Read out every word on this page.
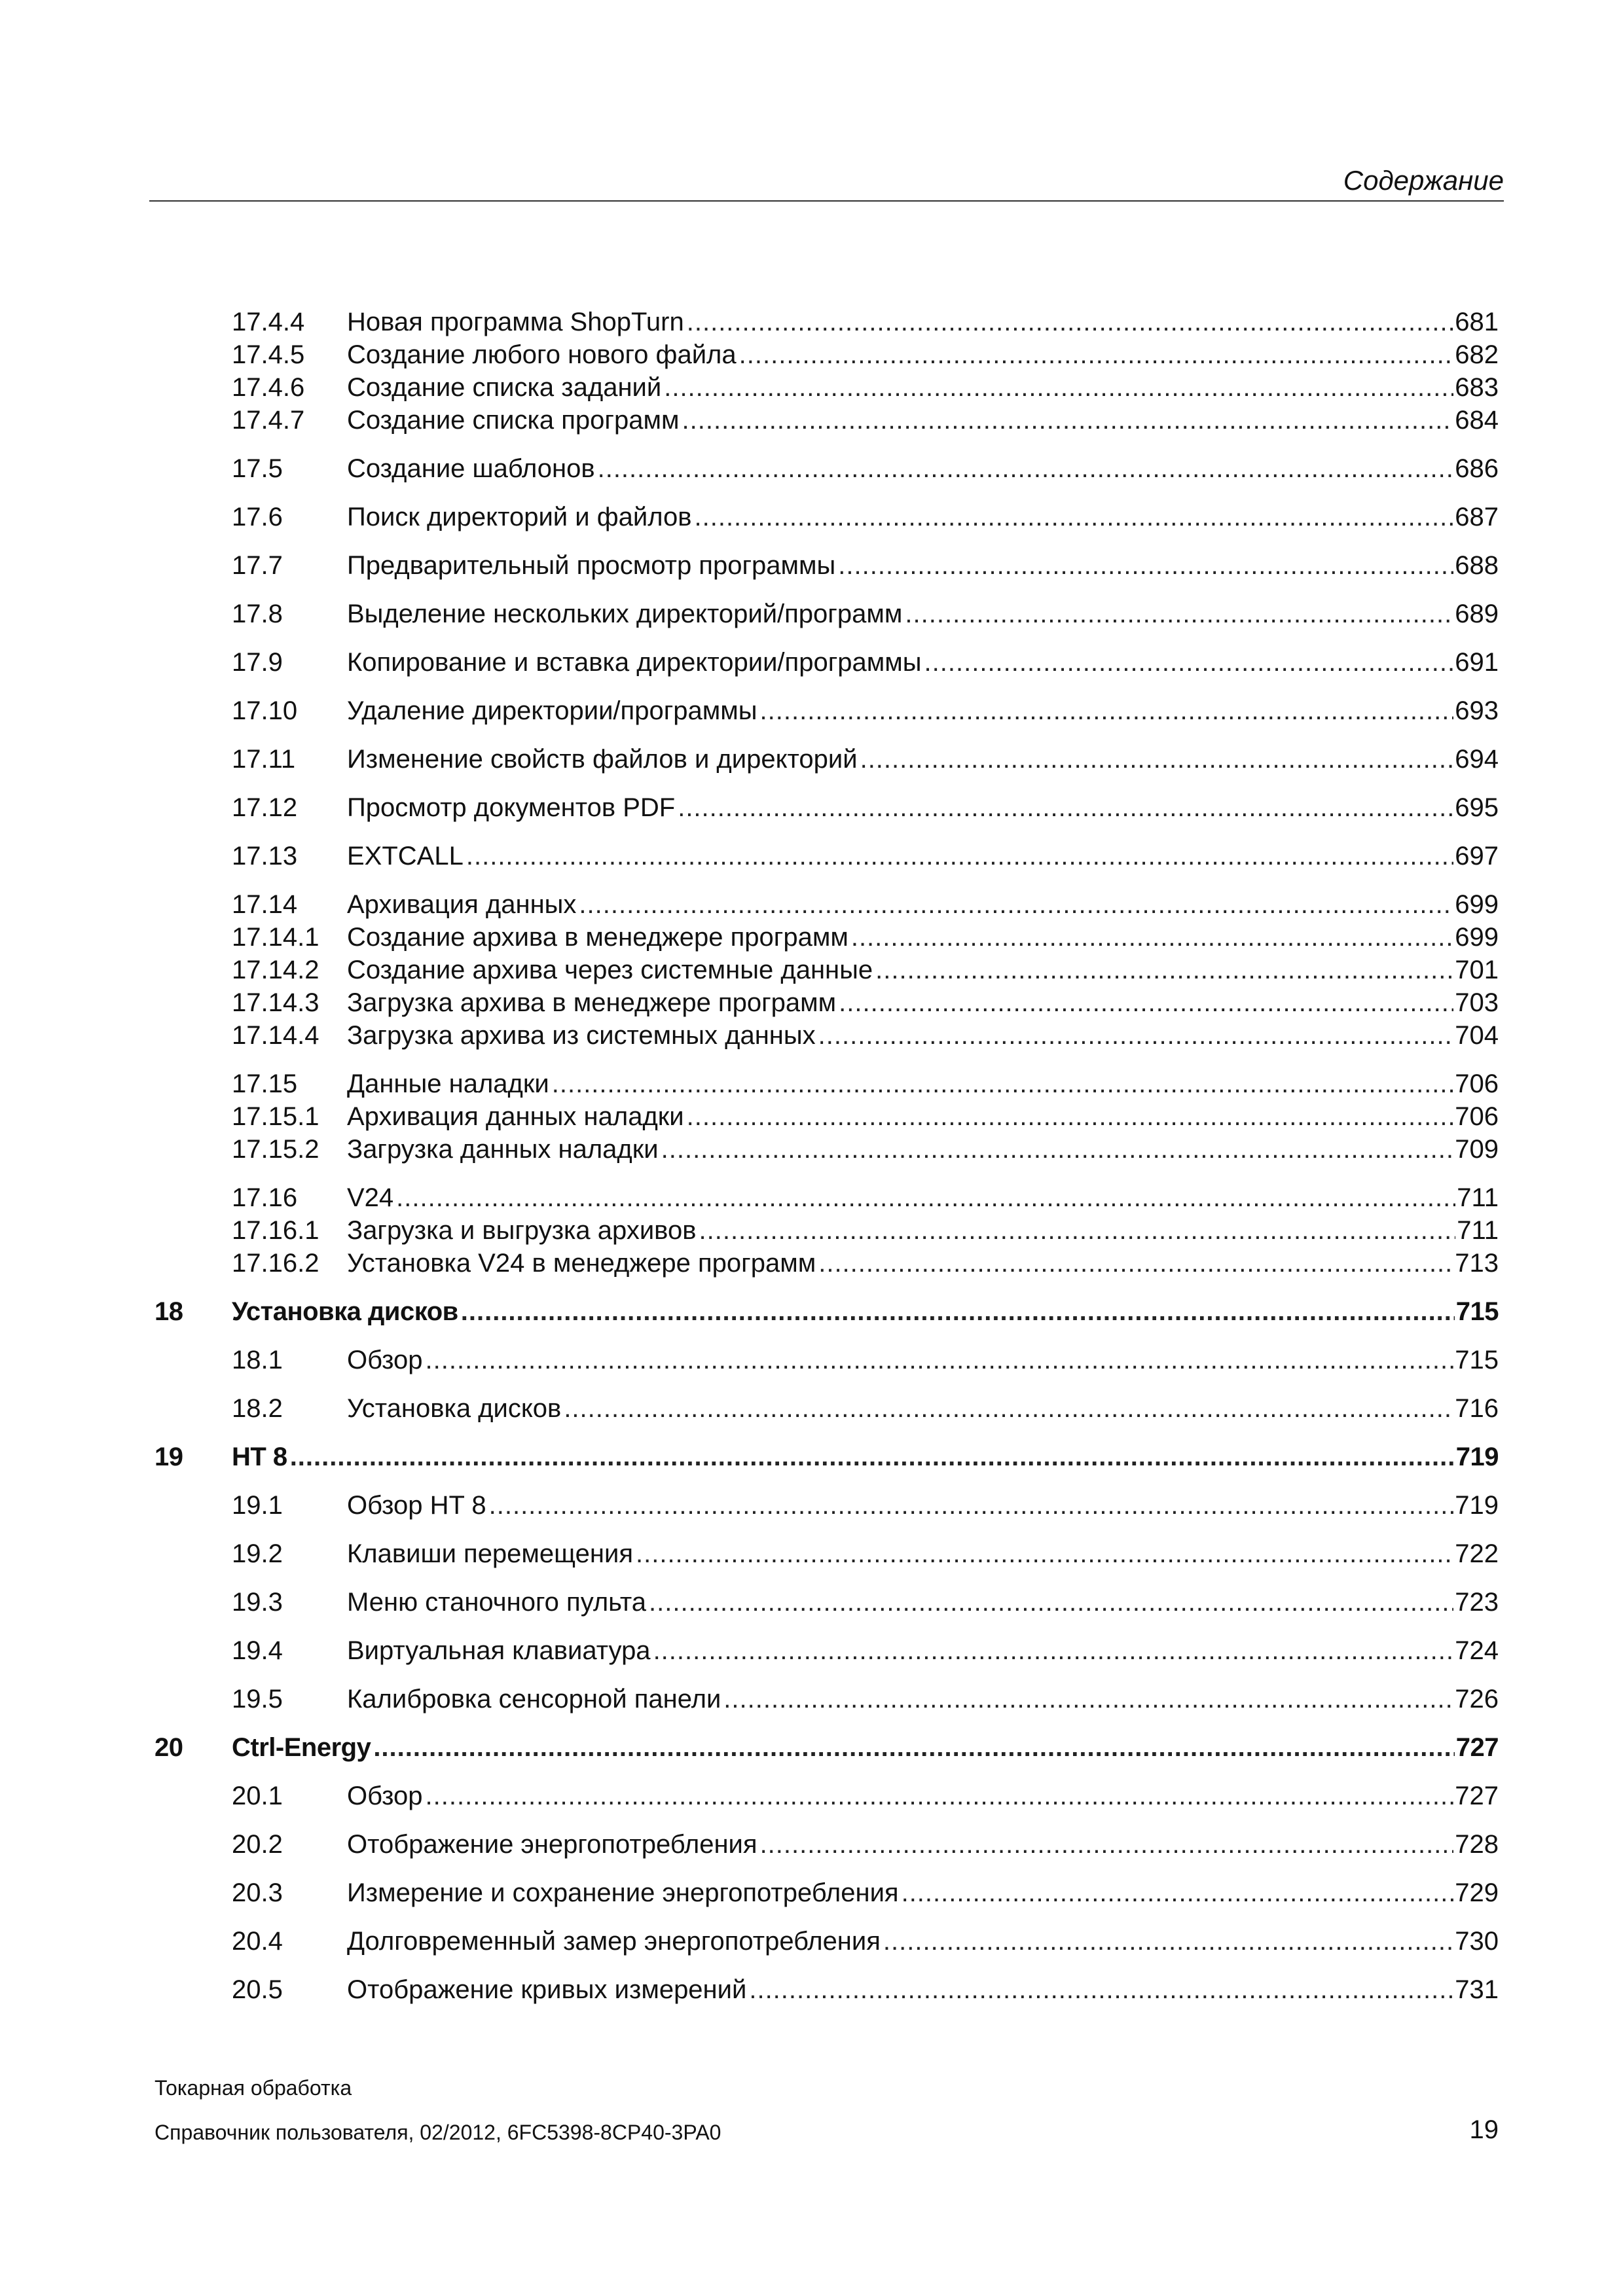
Содержание
17.4.4	Новая программа ShopTurn .....	681
17.4.5	Создание любого нового файла .....	682
17.4.6	Создание списка заданий .....	683
17.4.7	Создание списка программ .....	684
17.5	Создание шаблонов .....	686
17.6	Поиск директорий и файлов .....	687
17.7	Предварительный просмотр программы .....	688
17.8	Выделение нескольких директорий/программ .....	689
17.9	Копирование и вставка директории/программы .....	691
17.10	Удаление директории/программы .....	693
17.11	Изменение свойств файлов и директорий .....	694
17.12	Просмотр документов PDF .....	695
17.13	EXTCALL .....	697
17.14	Архивация данных .....	699
17.14.1	Создание архива в менеджере программ .....	699
17.14.2	Создание архива через системные данные .....	701
17.14.3	Загрузка архива в менеджере программ .....	703
17.14.4	Загрузка архива из системных данных .....	704
17.15	Данные наладки .....	706
17.15.1	Архивация данных наладки .....	706
17.15.2	Загрузка данных наладки .....	709
17.16	V24 .....	711
17.16.1	Загрузка и выгрузка архивов .....	711
17.16.2	Установка V24 в менеджере программ .....	713
18	Установка дисков .....	715
18.1	Обзор .....	715
18.2	Установка дисков .....	716
19	HT 8 .....	719
19.1	Обзор HT 8 .....	719
19.2	Клавиши перемещения .....	722
19.3	Меню станочного пульта .....	723
19.4	Виртуальная клавиатура .....	724
19.5	Калибровка сенсорной панели .....	726
20	Ctrl-Energy .....	727
20.1	Обзор .....	727
20.2	Отображение энергопотребления .....	728
20.3	Измерение и сохранение энергопотребления .....	729
20.4	Долговременный замер энергопотребления .....	730
20.5	Отображение кривых измерений .....	731
Токарная обработка
Справочник пользователя, 02/2012, 6FC5398-8CP40-3PA0	19
